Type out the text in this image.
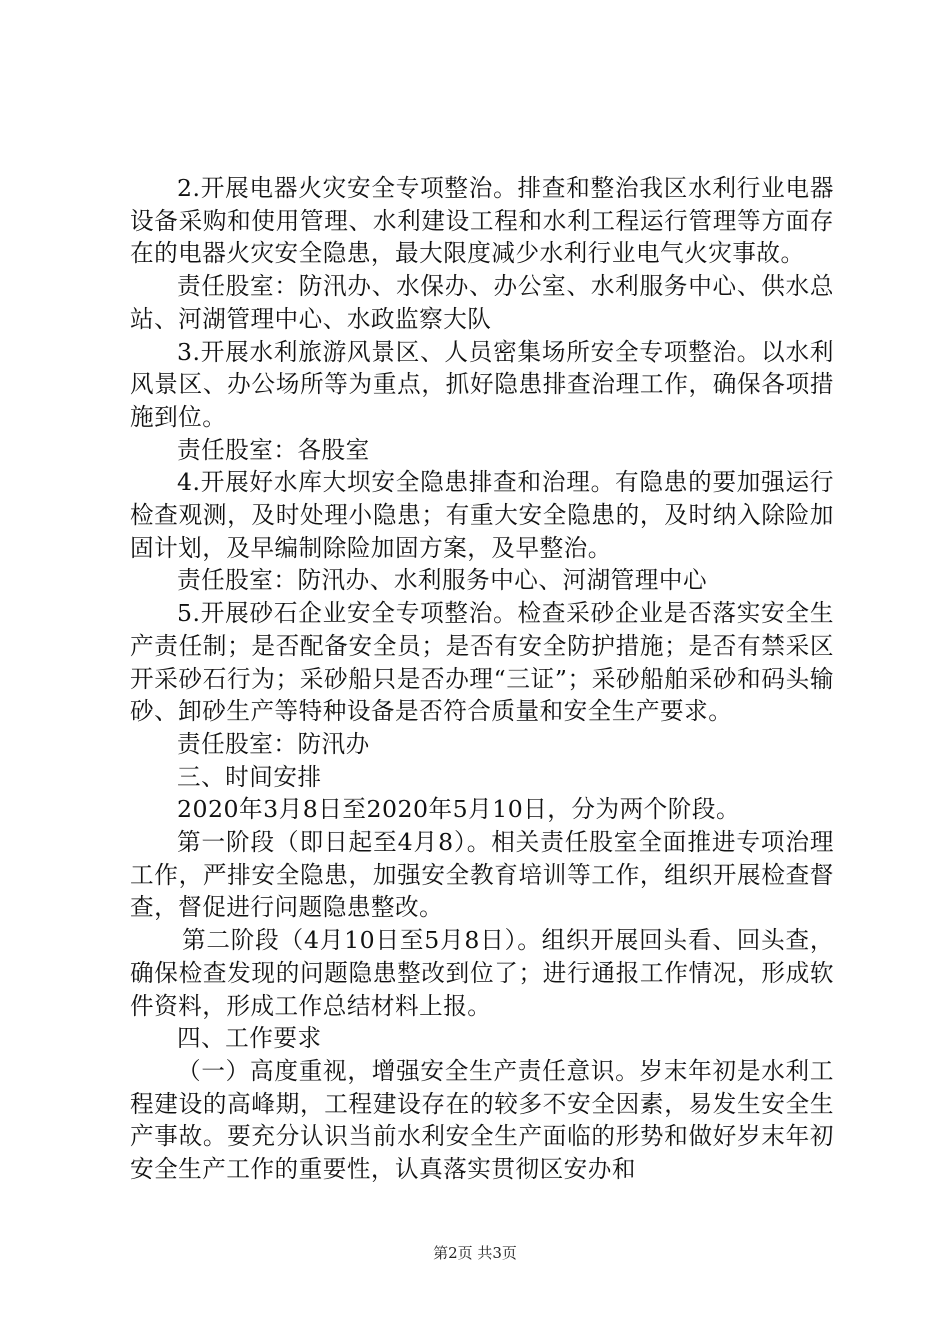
2.开展电器火灾安全专项整治。排查和整治我区水利行业电器设备采购和使用管理、水利建设工程和水利工程运行管理等方面存在的电器火灾安全隐患，最大限度减少水利行业电气火灾事故。

责任股室：防汛办、水保办、办公室、水利服务中心、供水总站、河湖管理中心、水政监察大队

3.开展水利旅游风景区、人员密集场所安全专项整治。以水利风景区、办公场所等为重点，抓好隐患排查治理工作，确保各项措施到位。

责任股室：各股室

4.开展好水库大坝安全隐患排查和治理。有隐患的要加强运行检查观测，及时处理小隐患；有重大安全隐患的，及时纳入除险加固计划，及早编制除险加固方案，及早整治。

责任股室：防汛办、水利服务中心、河湖管理中心

5.开展砂石企业安全专项整治。检查采砂企业是否落实安全生产责任制；是否配备安全员；是否有安全防护措施；是否有禁采区开采砂石行为；采砂船只是否办理“三证”；采砂船舶采砂和码头输砂、卸砂生产等特种设备是否符合质量和安全生产要求。

责任股室：防汛办

三、时间安排

2020年3月8日至2020年5月10日，分为两个阶段。

第一阶段（即日起至4月8）。相关责任股室全面推进专项治理工作，严排安全隐患，加强安全教育培训等工作，组织开展检查督查，督促进行问题隐患整改。

第二阶段（4月10日至5月8日）。组织开展回头看、回头查，确保检查发现的问题隐患整改到位了；进行通报工作情况，形成软件资料，形成工作总结材料上报。

四、工作要求

（一）高度重视，增强安全生产责任意识。岁末年初是水利工程建设的高峰期，工程建设存在的较多不安全因素，易发生安全生产事故。要充分认识当前水利安全生产面临的形势和做好岁末年初安全生产工作的重要性，认真落实贯彻区安办和

第2页 共3页
